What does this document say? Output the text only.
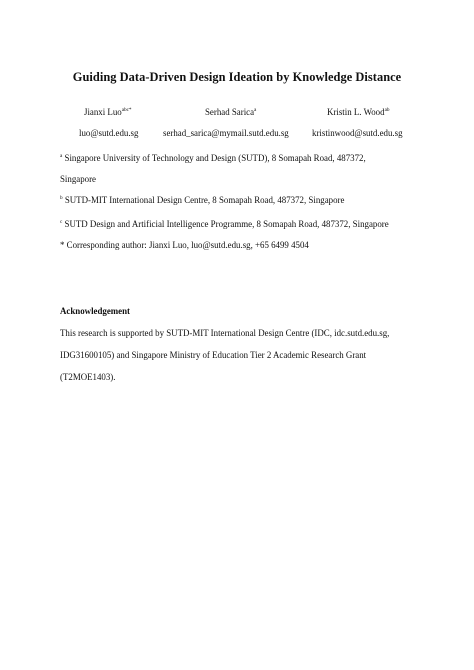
Guiding Data-Driven Design Ideation by Knowledge Distance
Jianxi Luo$^{abc*}$	Serhad Sarica$^a$	Kristin L. Wood$^{ab}$
luo@sutd.edu.sg	serhad_sarica@mymail.sutd.edu.sg	kristinwood@sutd.edu.sg
$^a$ Singapore University of Technology and Design (SUTD), 8 Somapah Road, 487372,
Singapore
$^b$ SUTD-MIT International Design Centre, 8 Somapah Road, 487372, Singapore
$^c$ SUTD Design and Artificial Intelligence Programme, 8 Somapah Road, 487372, Singapore
* Corresponding author: Jianxi Luo, luo@sutd.edu.sg, +65 6499 4504
Acknowledgement
This research is supported by SUTD-MIT International Design Centre (IDC, idc.sutd.edu.sg,
IDG31600105) and Singapore Ministry of Education Tier 2 Academic Research Grant
(T2MOE1403).
